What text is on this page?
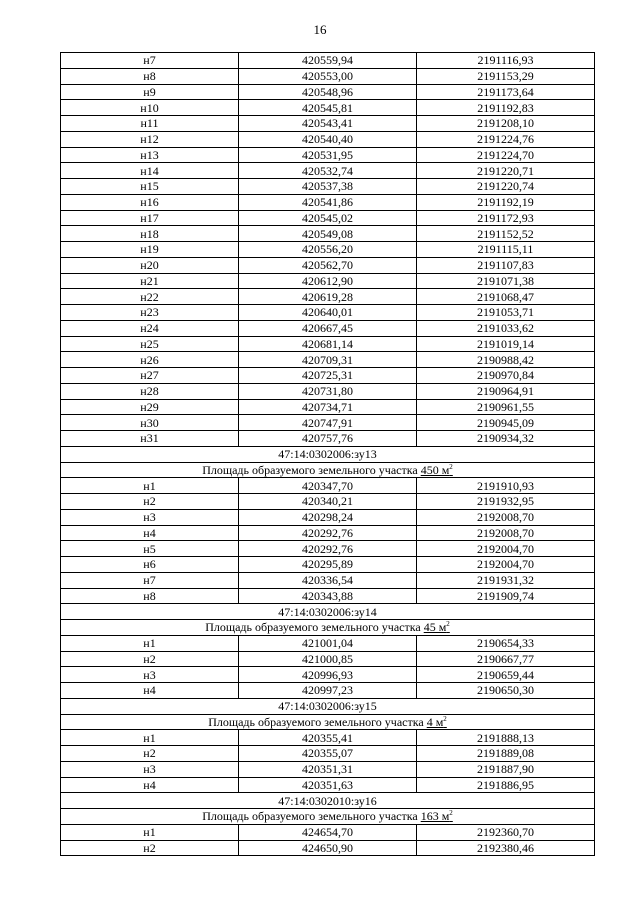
16
н7	420559,94	2191116,93
н8	420553,00	2191153,29
н9	420548,96	2191173,64
н10	420545,81	2191192,83
н11	420543,41	2191208,10
н12	420540,40	2191224,76
н13	420531,95	2191224,70
н14	420532,74	2191220,71
н15	420537,38	2191220,74
н16	420541,86	2191192,19
н17	420545,02	2191172,93
н18	420549,08	2191152,52
н19	420556,20	2191115,11
н20	420562,70	2191107,83
н21	420612,90	2191071,38
н22	420619,28	2191068,47
н23	420640,01	2191053,71
н24	420667,45	2191033,62
н25	420681,14	2191019,14
н26	420709,31	2190988,42
н27	420725,31	2190970,84
н28	420731,80	2190964,91
н29	420734,71	2190961,55
н30	420747,91	2190945,09
н31	420757,76	2190934,32
47:14:0302006:зу13		
Площадь образуемого земельного участка 450 $м^2$
н1	420347,70	2191910,93
н2	420340,21	2191932,95
н3	420298,24	2192008,70
н4	420292,76	2192008,70
н5	420292,76	2192004,70
н6	420295,89	2192004,70
н7	420336,54	2191931,32
н8	420343,88	2191909,74
47:14:0302006:зу14		
Площадь образуемого земельного участка 45 $м^2$
н1	421001,04	2190654,33
н2	421000,85	2190667,77
н3	420996,93	2190659,44
н4	420997,23	2190650,30
47:14:0302006:зу15		
Площадь образуемого земельного участка 4 $м^2$
н1	420355,41	2191888,13
н2	420355,07	2191889,08
н3	420351,31	2191887,90
н4	420351,63	2191886,95
47:14:0302010:зу16		
Площадь образуемого земельного участка 163 $м^2$
н1	424654,70	2192360,70
н2	424650,90	2192380,46
